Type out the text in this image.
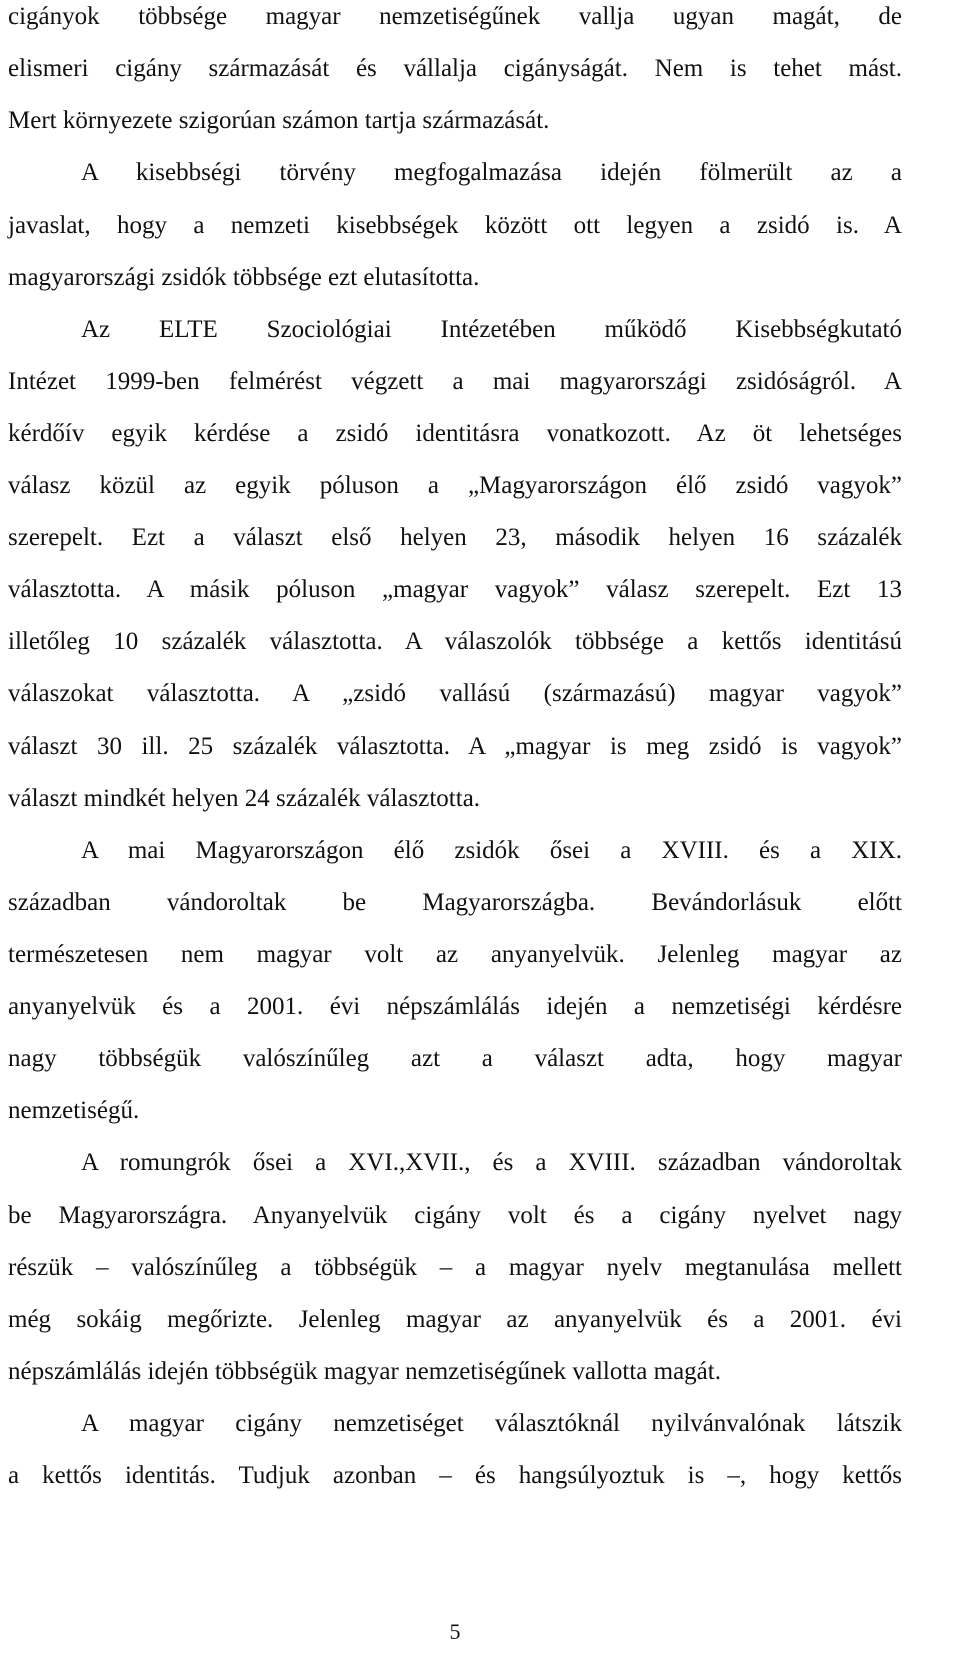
cigányok többsége magyar nemzetiségűnek vallja ugyan magát, de
elismeri cigány származását és vállalja cigányságát. Nem is tehet mást.
Mert környezete szigorúan számon tartja származását.
A kisebbségi törvény megfogalmazása idején fölmerült az a
javaslat, hogy a nemzeti kisebbségek között ott legyen a zsidó is. A
magyarországi zsidók többsége ezt elutasította.
Az ELTE Szociológiai Intézetében működő Kisebbségkutató
Intézet 1999-ben felmérést végzett a mai magyarországi zsidóságról. A
kérdőív egyik kérdése a zsidó identitásra vonatkozott. Az öt lehetséges
válasz közül az egyik póluson a „Magyarországon élő zsidó vagyok”
szerepelt. Ezt a választ első helyen 23, második helyen 16 százalék
választotta. A másik póluson „magyar vagyok” válasz szerepelt. Ezt 13
illetőleg 10 százalék választotta. A válaszolók többsége a kettős identitású
válaszokat választotta. A „zsidó vallású (származású) magyar vagyok”
választ 30 ill. 25 százalék választotta. A „magyar is meg zsidó is vagyok”
választ mindkét helyen 24 százalék választotta.
A mai Magyarországon élő zsidók ősei a XVIII. és a XIX.
században vándoroltak be Magyarországba. Bevándorlásuk előtt
természetesen nem magyar volt az anyanyelvük. Jelenleg magyar az
anyanyelvük és a 2001. évi népszámlálás idején a nemzetiségi kérdésre
nagy többségük valószínűleg azt a választ adta, hogy magyar
nemzetiségű.
A romungrók ősei a XVI.,XVII., és a XVIII. században vándoroltak
be Magyarországra. Anyanyelvük cigány volt és a cigány nyelvet nagy
részük – valószínűleg a többségük – a magyar nyelv megtanulása mellett
még sokáig megőrizte. Jelenleg magyar az anyanyelvük és a 2001. évi
népszámlálás idején többségük magyar nemzetiségűnek vallotta magát.
A magyar cigány nemzetiséget választóknál nyilvánvalónak látszik
a kettős identitás. Tudjuk azonban – és hangsúlyoztuk is –, hogy kettős
5
